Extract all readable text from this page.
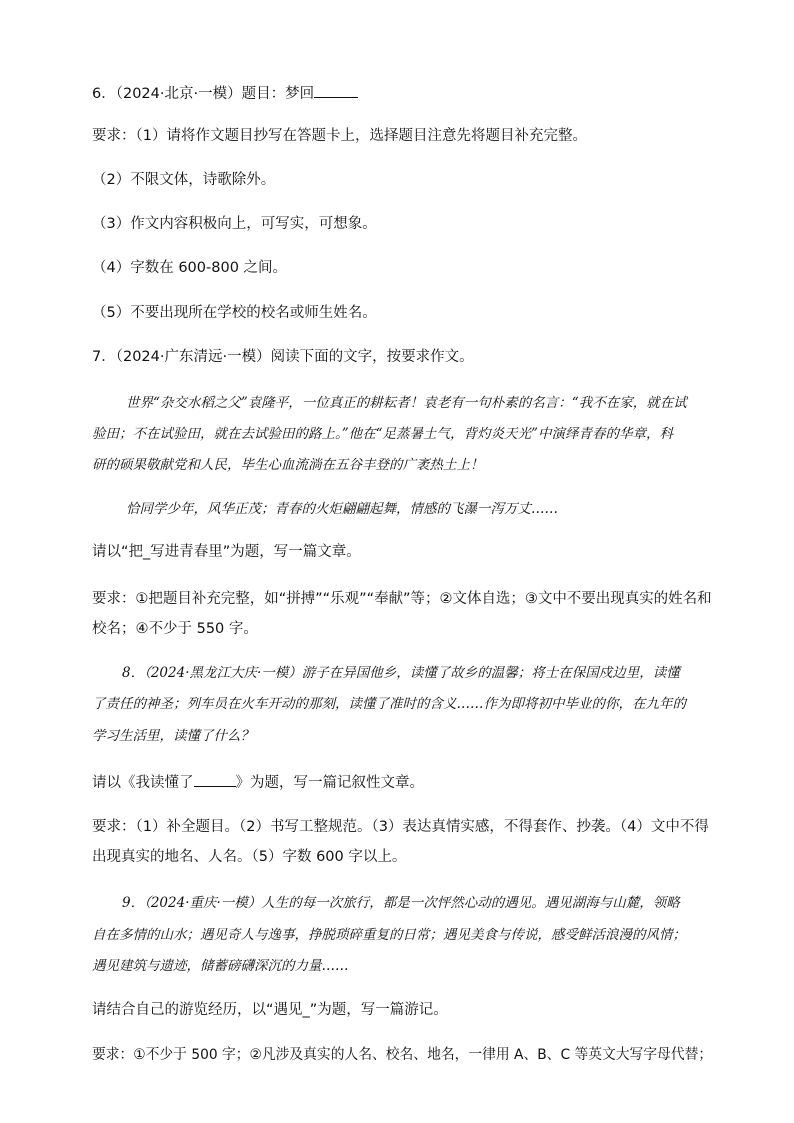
6．（2024·北京·一模）题目：梦回
要求：（1）请将作文题目抄写在答题卡上，选择题目注意先将题目补充完整。
（2）不限文体，诗歌除外。
（3）作文内容积极向上，可写实，可想象。
（4）字数在 600-800 之间。
（5）不要出现所在学校的校名或师生姓名。
7．（2024·广东清远·一模）阅读下面的文字，按要求作文。
世界“杂交水稻之父”袁隆平，一位真正的耕耘者！袁老有一句朴素的名言：“我不在家，就在试
验田；不在试验田，就在去试验田的路上。”他在“足蒸暑土气，背灼炎天光”中演绎青春的华章，科
研的硕果敬献党和人民，毕生心血流淌在五谷丰登的广袤热土上！
恰同学少年，风华正茂；青春的火炬翩翩起舞，情感的飞瀑一泻万丈……
请以“把_写进青春里”为题，写一篇文章。
要求：①把题目补充完整，如“拼搏”“乐观”“奉献”等；②文体自选；③文中不要出现真实的姓名和
校名；④不少于 550 字。
8．（2024·黑龙江大庆·一模）游子在异国他乡，读懂了故乡的温馨；将士在保国戍边里，读懂
了责任的神圣；列车员在火车开动的那刻，读懂了准时的含义……作为即将初中毕业的你，在九年的
学习生活里，读懂了什么？
请以《我读懂了	》为题，写一篇记叙性文章。
要求：（1）补全题目。（2）书写工整规范。（3）表达真情实感，不得套作、抄袭。（4）文中不得
出现真实的地名、人名。（5）字数 600 字以上。
9．（2024·重庆·一模）人生的每一次旅行，都是一次怦然心动的遇见。遇见湖海与山麓，领略
自在多情的山水；遇见奇人与逸事，挣脱琐碎重复的日常；遇见美食与传说，感受鲜活浪漫的风情；
遇见建筑与遗迹，储蓄磅礴深沉的力量……
请结合自己的游览经历，以“遇见_”为题，写一篇游记。
要求：①不少于 500 字；②凡涉及真实的人名、校名、地名，一律用 A、B、C 等英文大写字母代替；
